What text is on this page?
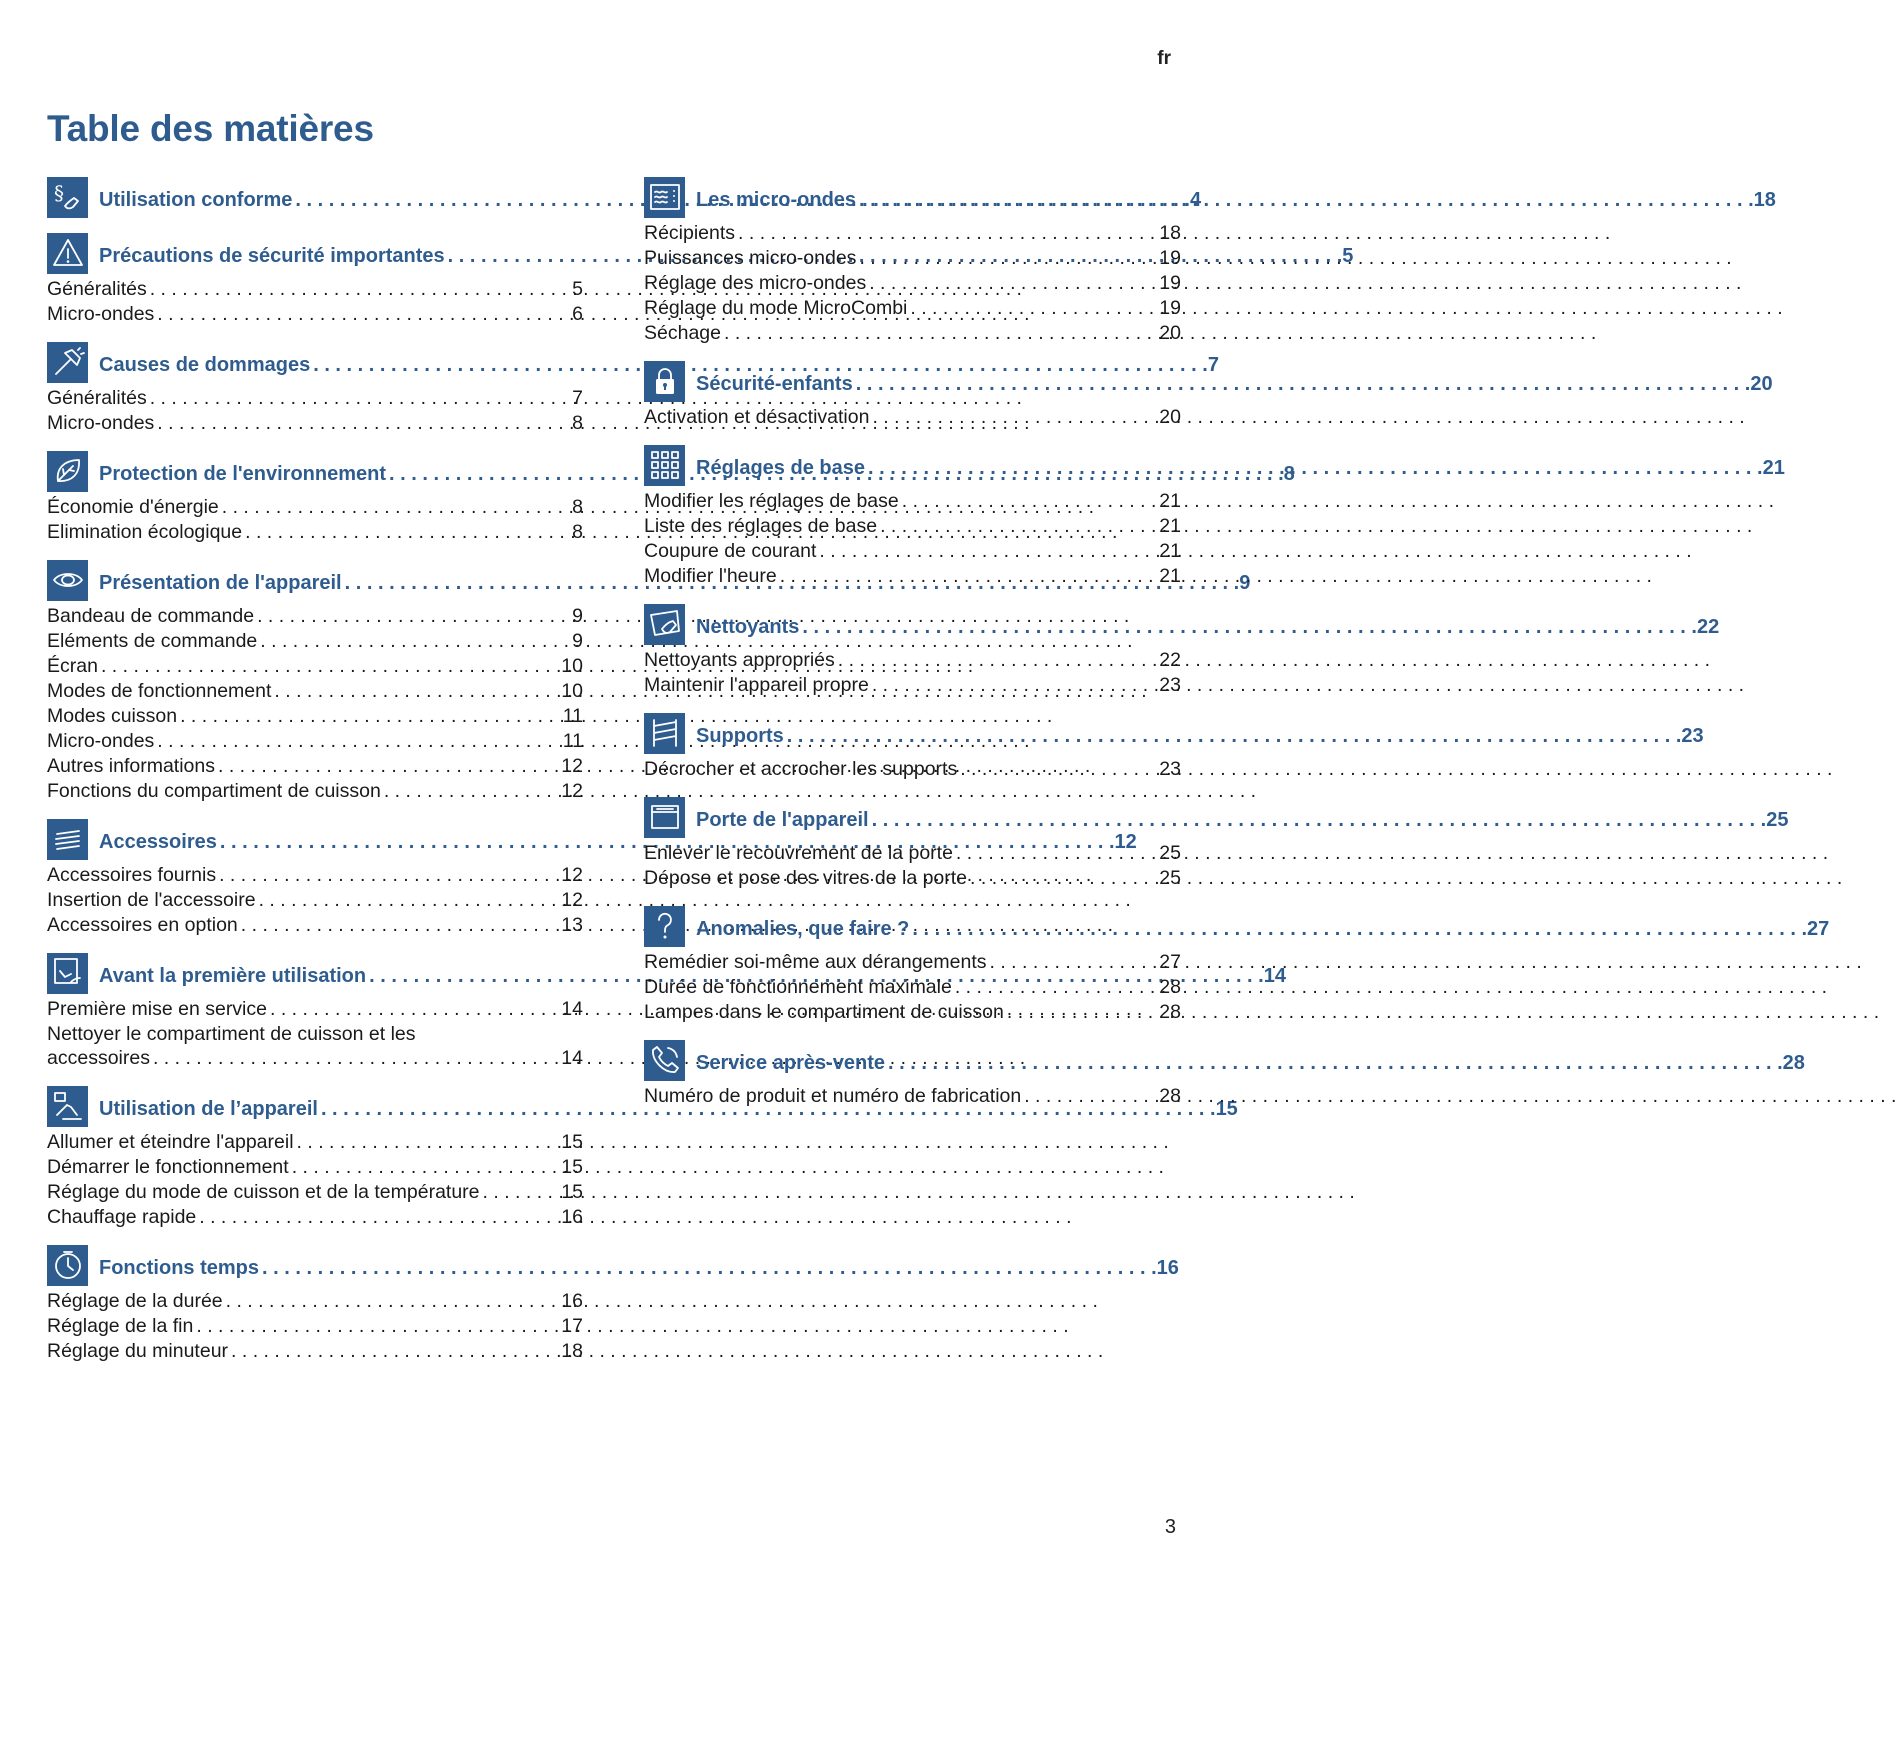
fr
Table des matières
§ Utilisation conforme . . .	4
Précautions de sécurité importantes . . .	5
Généralités . . .	5
Micro-ondes . . .	6
Causes de dommages . . .	7
Généralités . . .	7
Micro-ondes . . .	8
Protection de l'environnement . . .	8
Économie d'énergie . . .	8
Elimination écologique . . .	8
Présentation de l'appareil . . .	9
Bandeau de commande . . .	9
Eléments de commande . . .	9
Écran . . .	10
Modes de fonctionnement . . .	10
Modes cuisson . . .	11
Micro-ondes . . .	11
Autres informations . . .	12
Fonctions du compartiment de cuisson . . .	12
Accessoires . . .	12
Accessoires fournis . . .	12
Insertion de l'accessoire . . .	12
Accessoires en option . . .	13
Avant la première utilisation . . .	14
Première mise en service . . .	14
Nettoyer le compartiment de cuisson et les
accessoires . . .	14
Utilisation de l’appareil . . .	15
Allumer et éteindre l'appareil . . .	15
Démarrer le fonctionnement . . .	15
Réglage du mode de cuisson et de la température . . .	15
Chauffage rapide . . .	16
Fonctions temps . . .	16
Réglage de la durée . . .	16
Réglage de la fin . . .	17
Réglage du minuteur . . .	18
Les micro-ondes . . .	18
Récipients . . .	18
Puissances micro-ondes . . .	19
Réglage des micro-ondes . . .	19
Réglage du mode MicroCombi . . .	19
Séchage . . .	20
Sécurité-enfants . . .	20
Activation et désactivation . . .	20
Réglages de base . . .	21
Modifier les réglages de base . . .	21
Liste des réglages de base . . .	21
Coupure de courant . . .	21
Modifier l'heure . . .	21
Nettoyants . . .	22
Nettoyants appropriés . . .	22
Maintenir l'appareil propre . . .	23
Supports . . .	23
Décrocher et accrocher les supports . . .	23
Porte de l'appareil . . .	25
Enlever le recouvrement de la porte . . .	25
Dépose et pose des vitres de la porte . . .	25
Anomalies, que faire ? . . .	27
Remédier soi-même aux dérangements . . .	27
Durée de fonctionnement maximale . . .	28
Lampes dans le compartiment de cuisson . . .	28
Service après-vente . . .	28
Numéro de produit et numéro de fabrication . . .	28
3
